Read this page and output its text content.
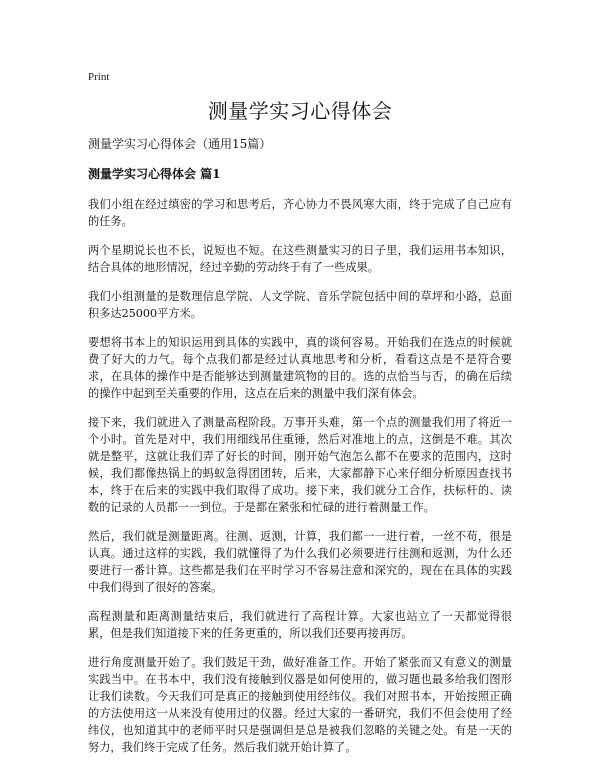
Print
测量学实习心得体会
测量学实习心得体会（通用15篇）
测量学实习心得体会 篇1

我们小组在经过缜密的学习和思考后，齐心协力不畏风寒大雨，终于完成了自己应有的任务。

两个星期说长也不长，说短也不短。在这些测量实习的日子里，我们运用书本知识，结合具体的地形情况，经过辛勤的劳动终于有了一些成果。

我们小组测量的是数理信息学院、人文学院、音乐学院包括中间的草坪和小路，总面积多达25000平方米。

要想将书本上的知识运用到具体的实践中，真的谈何容易。开始我们在选点的时候就费了好大的力气。每个点我们都是经过认真地思考和分析，看看这点是不是符合要求，在具体的操作中是否能够达到测量建筑物的目的。选的点恰当与否，的确在后续的操作中起到至关重要的作用，这点在后来的测量中我们深有体会。

接下来，我们就进入了测量高程阶段。万事开头难，第一个点的测量我们用了将近一个小时。首先是对中，我们用细线吊住重锤，然后对准地上的点，这倒是不难。其次就是整平，这就让我们弄了好长的时间，刚开始气泡怎么都不在要求的范围内，这时候，我们都像热锅上的蚂蚁急得团团转，后来，大家都静下心来仔细分析原因查找书本，终于在后来的实践中我们取得了成功。接下来，我们就分工合作，扶标杆的、读数的记录的人员都一一到位。于是都在紧张和忙碌的进行着测量工作。

然后，我们就是测量距离。往测、返测，计算，我们都一一进行着，一丝不苟，很是认真。通过这样的实践，我们就懂得了为什么我们必须要进行往测和返测，为什么还要进行一番计算。这些都是我们在平时学习不容易注意和深究的，现在在具体的实践中我们得到了很好的答案。

高程测量和距离测量结束后，我们就进行了高程计算。大家也站立了一天都觉得很累，但是我们知道接下来的任务更重的，所以我们还要再接再厉。

进行角度测量开始了。我们鼓足干劲，做好准备工作。开始了紧张而又有意义的测量实践当中。在书本中，我们没有接触到仪器是如何使用的，做习题也最多给我们图形让我们读数。今天我们可是真正的接触到使用经纬仪。我们对照书本，开始按照正确的方法使用这一从来没有使用过的仪器。经过大家的一番研究，我们不但会使用了经纬仪，也知道其中的老师平时只是强调但是总是被我们忽略的关键之处。有是一天的努力，我们终于完成了任务。然后我们就开始计算了。
